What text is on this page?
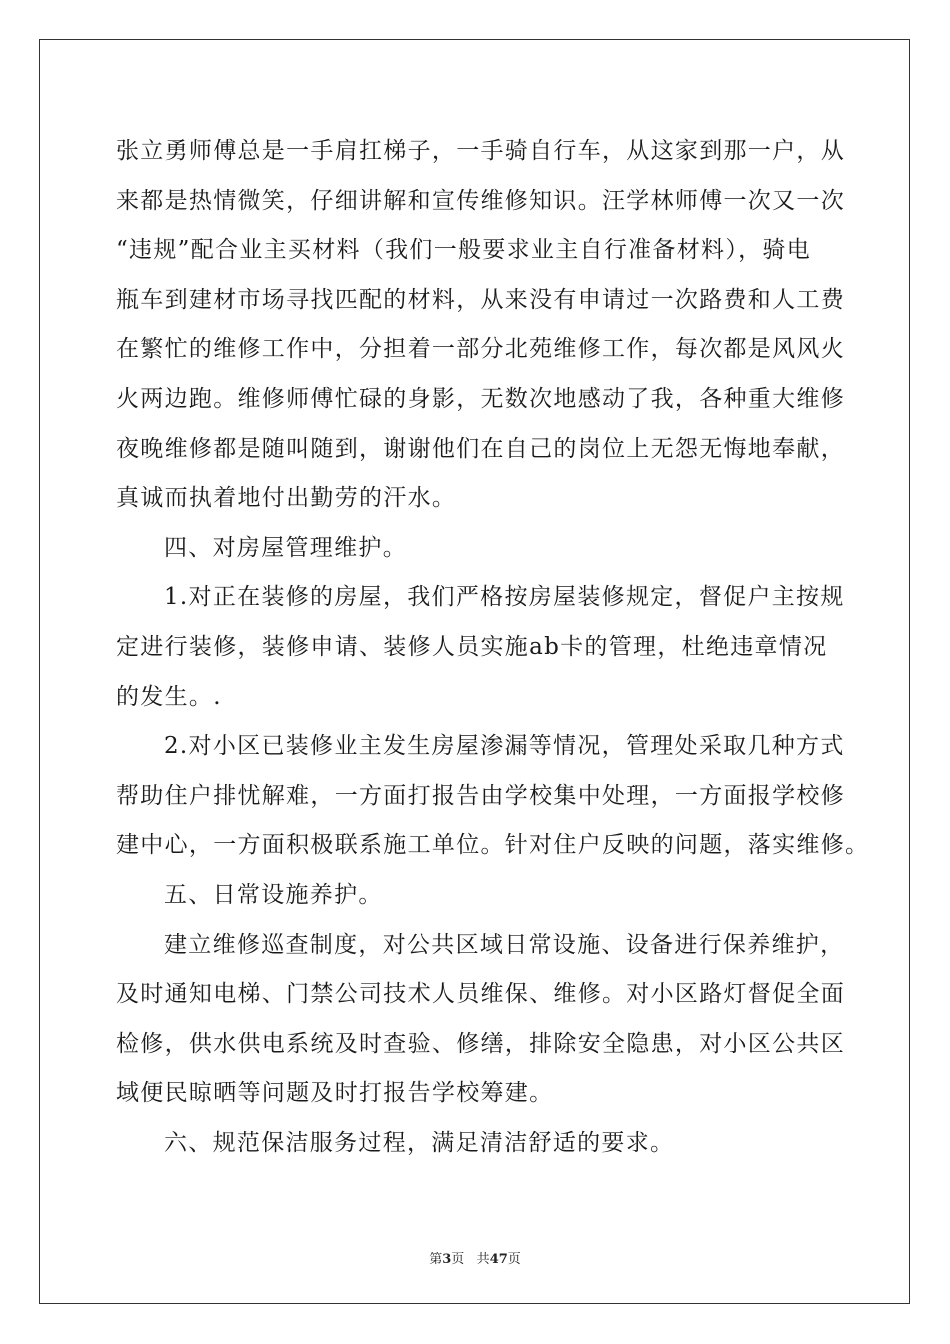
张立勇师傅总是一手肩扛梯子，一手骑自行车，从这家到那一户，从
来都是热情微笑，仔细讲解和宣传维修知识。汪学林师傅一次又一次
“违规”配合业主买材料（我们一般要求业主自行准备材料），骑电
瓶车到建材市场寻找匹配的材料，从来没有申请过一次路费和人工费
在繁忙的维修工作中，分担着一部分北苑维修工作，每次都是风风火
火两边跑。维修师傅忙碌的身影，无数次地感动了我，各种重大维修
夜晚维修都是随叫随到，谢谢他们在自己的岗位上无怨无悔地奉献，
真诚而执着地付出勤劳的汗水。
四、对房屋管理维护。
1.对正在装修的房屋，我们严格按房屋装修规定，督促户主按规
定进行装修，装修申请、装修人员实施ab卡的管理，杜绝违章情况
的发生。.
2.对小区已装修业主发生房屋渗漏等情况，管理处采取几种方式
帮助住户排忧解难，一方面打报告由学校集中处理，一方面报学校修
建中心，一方面积极联系施工单位。针对住户反映的问题，落实维修。
五、日常设施养护。
建立维修巡查制度，对公共区域日常设施、设备进行保养维护，
及时通知电梯、门禁公司技术人员维保、维修。对小区路灯督促全面
检修，供水供电系统及时查验、修缮，排除安全隐患，对小区公共区
域便民晾晒等问题及时打报告学校筹建。
六、规范保洁服务过程，满足清洁舒适的要求。
第3页 共47页
